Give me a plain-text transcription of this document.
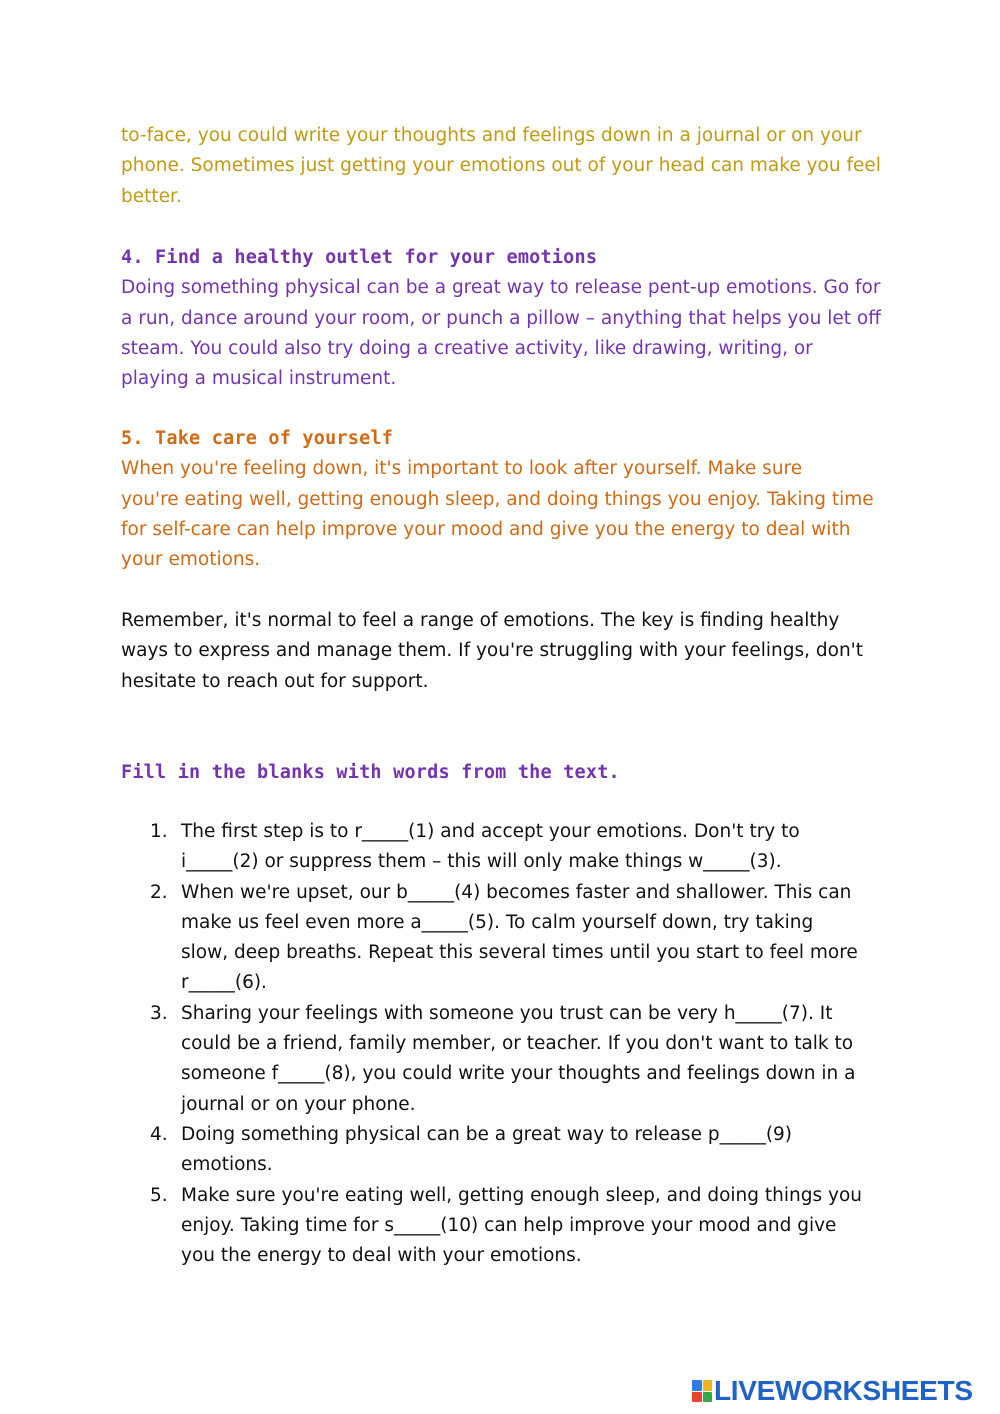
to-face, you could write your thoughts and feelings down in a journal or on your
phone. Sometimes just getting your emotions out of your head can make you feel
better.

4. Find a healthy outlet for your emotions
Doing something physical can be a great way to release pent-up emotions. Go for
a run, dance around your room, or punch a pillow – anything that helps you let off
steam. You could also try doing a creative activity, like drawing, writing, or
playing a musical instrument.
5. Take care of yourself
When you're feeling down, it's important to look after yourself. Make sure
you're eating well, getting enough sleep, and doing things you enjoy. Taking time
for self-care can help improve your mood and give you the energy to deal with
your emotions.

Remember, it's normal to feel a range of emotions. The key is finding healthy
ways to express and manage them. If you're struggling with your feelings, don't
hesitate to reach out for support.

Fill in the blanks with words from the text.
1. The first step is to r_____(1) and accept your emotions. Don't try to
i_____(2) or suppress them – this will only make things w_____(3).
2. When we're upset, our b_____(4) becomes faster and shallower. This can
make us feel even more a_____(5). To calm yourself down, try taking
slow, deep breaths. Repeat this several times until you start to feel more
r_____(6).
3. Sharing your feelings with someone you trust can be very h_____(7). It
could be a friend, family member, or teacher. If you don't want to talk to
someone f_____(8), you could write your thoughts and feelings down in a
journal or on your phone.
4. Doing something physical can be a great way to release p_____(9)
emotions.
5. Make sure you're eating well, getting enough sleep, and doing things you
enjoy. Taking time for s_____(10) can help improve your mood and give
you the energy to deal with your emotions.
LIVEWORKSHEETS
